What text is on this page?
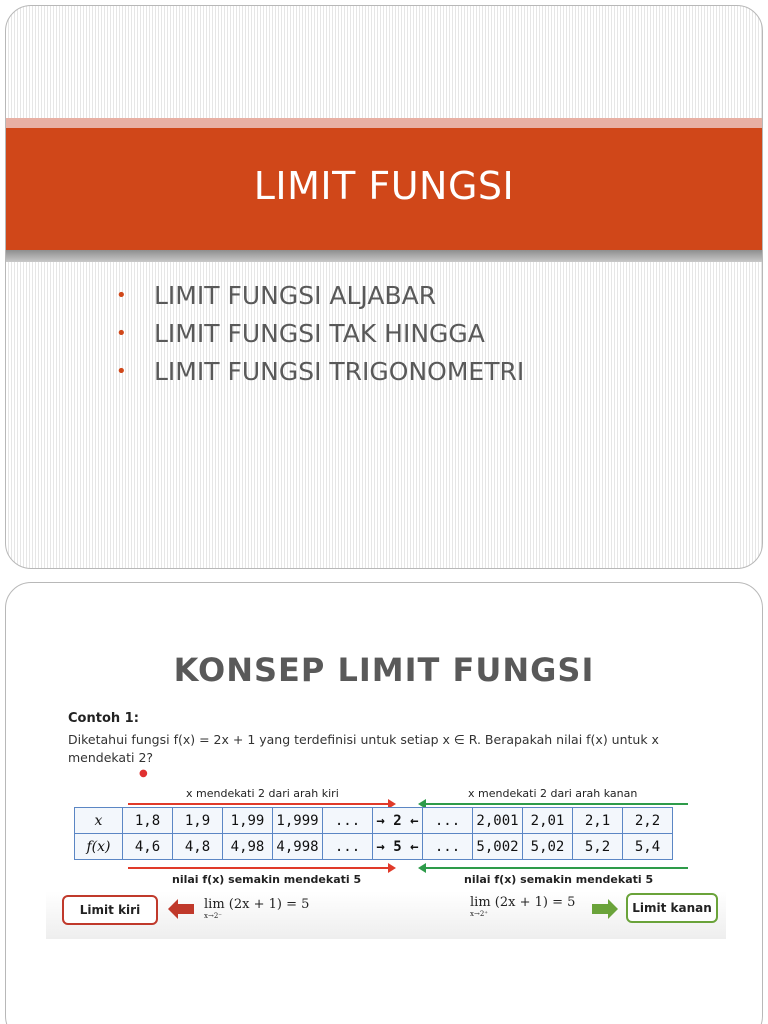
LIMIT FUNGSI
•	LIMIT FUNGSI ALJABAR
•	LIMIT FUNGSI TAK HINGGA
•	LIMIT FUNGSI TRIGONOMETRI
KONSEP LIMIT FUNGSI
Contoh 1:
Diketahui fungsi f(x) = 2x + 1 yang terdefinisi untuk setiap x ∈ R. Berapakah nilai f(x) untuk x
mendekati 2?
●
x mendekati 2 dari arah kiri	x mendekati 2 dari arah kanan
x	1,8	1,9	1,99	1,999	...	→ 2 ←	...	2,001	2,01	2,1	2,2
f(x)	4,6	4,8	4,98	4,998	...	→ 5 ←	...	5,002	5,02	5,2	5,4
nilai f(x) semakin mendekati 5	nilai f(x) semakin mendekati 5
Limit kiri	lim (2x + 1) = 5
x→2⁻
lim (2x + 1) = 5
x→2⁺	Limit kanan
